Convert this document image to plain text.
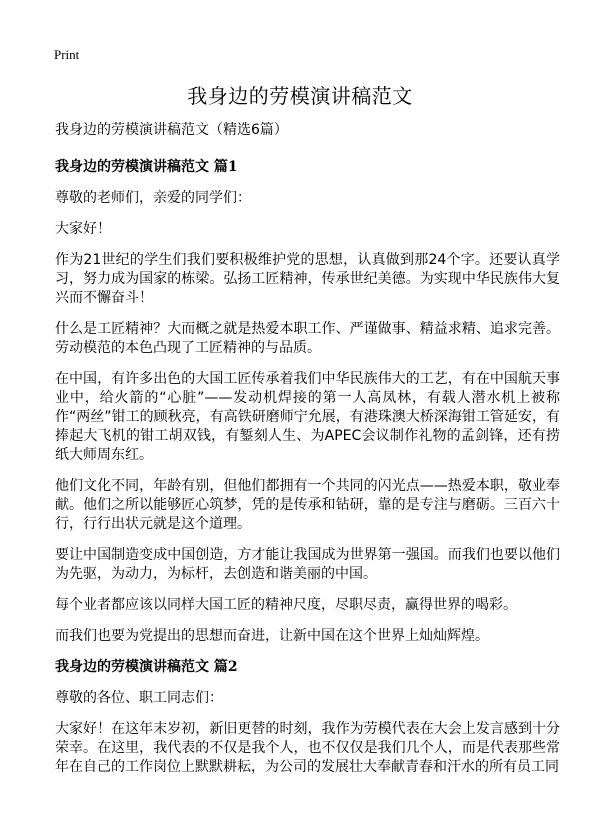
Print
我身边的劳模演讲稿范文

我身边的劳模演讲稿范文（精选6篇）

我身边的劳模演讲稿范文 篇1

尊敬的老师们，亲爱的同学们：

大家好！

作为21世纪的学生们我们要积极维护党的思想，认真做到那24个字。还要认真学习，努力成为国家的栋梁。弘扬工匠精神，传承世纪美德。为实现中华民族伟大复兴而不懈奋斗！

什么是工匠精神？大而概之就是热爱本职工作、严谨做事、精益求精、追求完善。劳动模范的本色凸现了工匠精神的与品质。

在中国，有许多出色的大国工匠传承着我们中华民族伟大的工艺，有在中国航天事业中，给火箭的“心脏”——发动机焊接的第一人高凤林，有载人潜水机上被称作“两丝”钳工的顾秋亮，有高铁研磨师宁允展，有港珠澳大桥深海钳工管延安，有捧起大飞机的钳工胡双钱，有錾刻人生、为APEC会议制作礼物的孟剑锋，还有捞纸大师周东红。

他们文化不同，年龄有别，但他们都拥有一个共同的闪光点——热爱本职，敬业奉献。他们之所以能够匠心筑梦，凭的是传承和钻研，靠的是专注与磨砺。三百六十行，行行出状元就是这个道理。

要让中国制造变成中国创造，方才能让我国成为世界第一强国。而我们也要以他们为先驱，为动力，为标杆，去创造和谐美丽的中国。

每个业者都应该以同样大国工匠的精神尺度，尽职尽责，赢得世界的喝彩。

而我们也要为党提出的思想而奋进，让新中国在这个世界上灿灿辉煌。

我身边的劳模演讲稿范文 篇2

尊敬的各位、职工同志们：

大家好！在这年末岁初，新旧更替的时刻，我作为劳模代表在大会上发言感到十分荣幸。在这里，我代表的不仅是我个人，也不仅仅是我们几个人，而是代表那些常年在自己的工作岗位上默默耕耘，为公司的发展壮大奉献青春和汗水的所有员工同
